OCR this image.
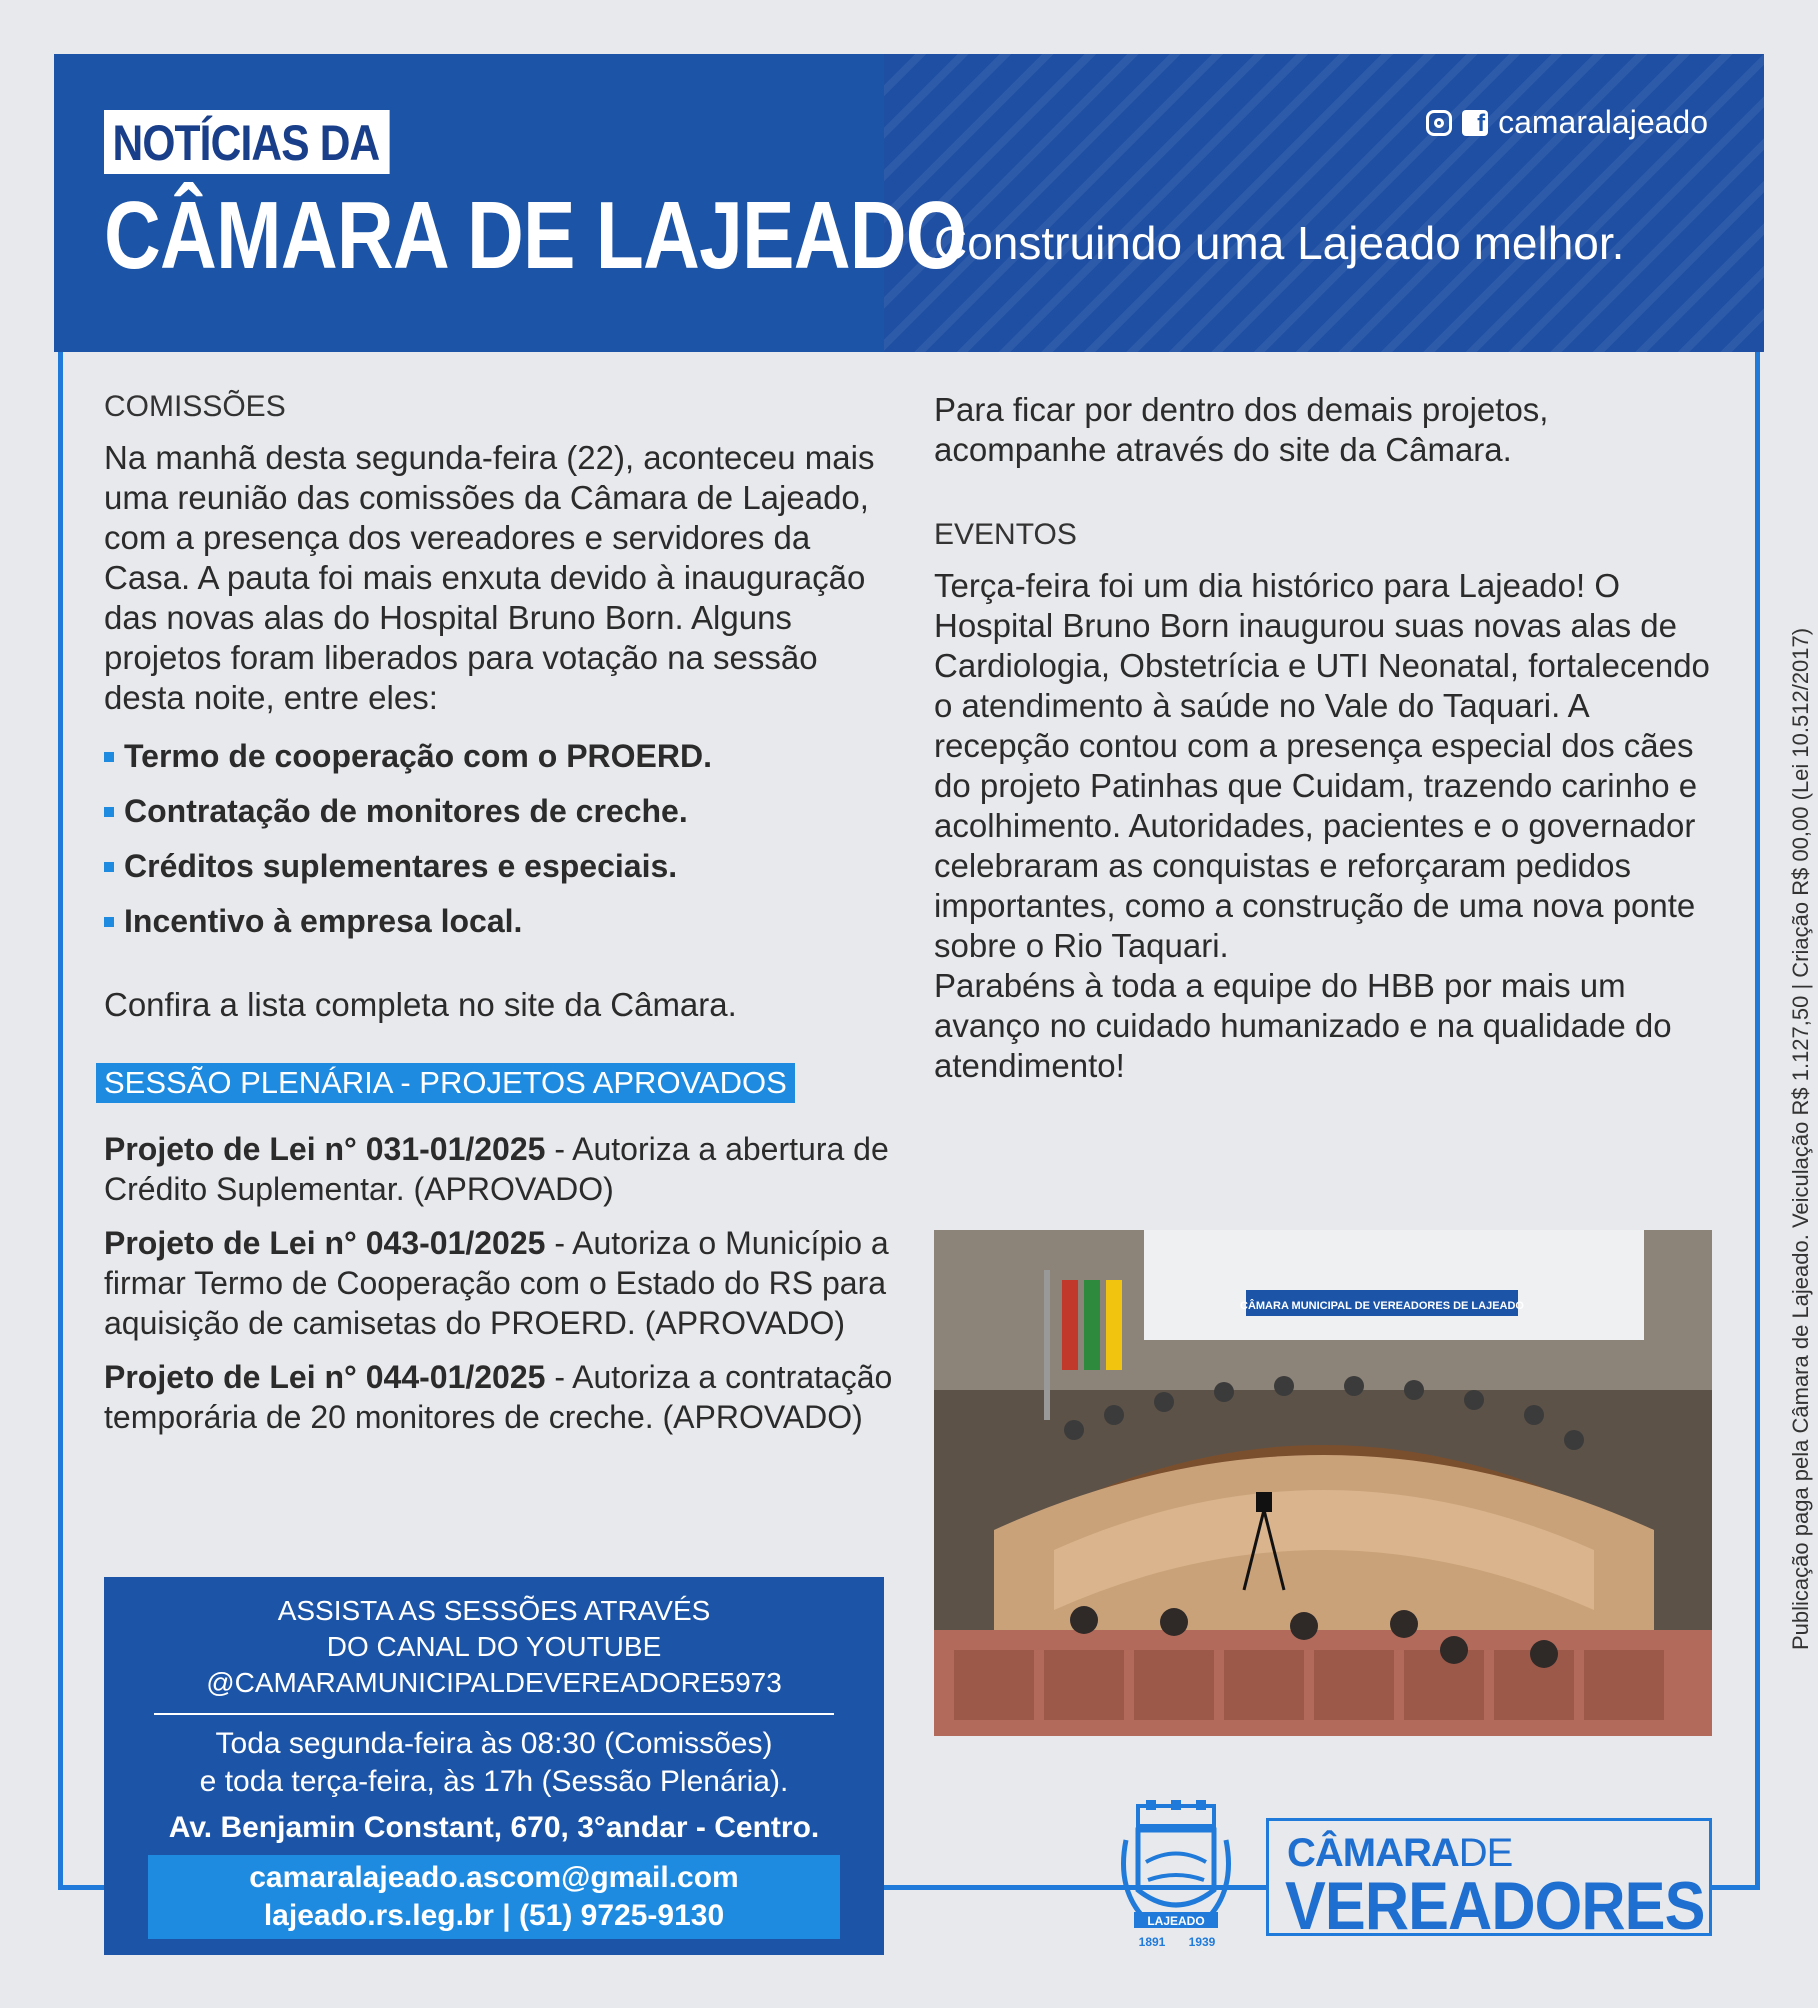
NOTÍCIAS DA
CÂMARA DE LAJEADO
f camaralajeado
Construindo uma Lajeado melhor.

COMISSÕES

Na manhã desta segunda-feira (22), aconteceu mais uma reunião das comissões da Câmara de Lajeado, com a presença dos vereadores e servidores da Casa. A pauta foi mais enxuta devido à inauguração das novas alas do Hospital Bruno Born. Alguns projetos foram liberados para votação na sessão desta noite, entre eles:

Termo de cooperação com o PROERD.
Contratação de monitores de creche.
Créditos suplementares e especiais.
Incentivo à empresa local.

Confira a lista completa no site da Câmara.

SESSÃO PLENÁRIA - PROJETOS APROVADOS

Projeto de Lei n° 031-01/2025 - Autoriza a abertura de Crédito Suplementar. (APROVADO)

Projeto de Lei n° 043-01/2025 - Autoriza o Município a firmar Termo de Cooperação com o Estado do RS para aquisição de camisetas do PROERD. (APROVADO)

Projeto de Lei n° 044-01/2025 - Autoriza a contratação temporária de 20 monitores de creche. (APROVADO)

Para ficar por dentro dos demais projetos, acompanhe através do site da Câmara.

EVENTOS

Terça-feira foi um dia histórico para Lajeado! O Hospital Bruno Born inaugurou suas novas alas de Cardiologia, Obstetrícia e UTI Neonatal, fortalecendo o atendimento à saúde no Vale do Taquari. A recepção contou com a presença especial dos cães do projeto Patinhas que Cuidam, trazendo carinho e acolhimento. Autoridades, pacientes e o governador celebraram as conquistas e reforçaram pedidos importantes, como a construção de uma nova ponte sobre o Rio Taquari.

Parabéns à toda a equipe do HBB por mais um avanço no cuidado humanizado e na qualidade do atendimento!

CÂMARA MUNICIPAL DE VEREADORES DE LAJEADO
ASSISTA AS SESSÕES ATRAVÉS
DO CANAL DO YOUTUBE
@CAMARAMUNICIPALDEVEREADORE5973
Toda segunda-feira às 08:30 (Comissões)
e toda terça-feira, às 17h (Sessão Plenária).
Av. Benjamin Constant, 670, 3°andar - Centro.
camaralajeado.ascom@gmail.com
lajeado.rs.leg.br | (51) 9725-9130
Publicação paga pela Câmara de Lajeado. Veiculação R$ 1.127,50 | Criação R$ 00,00 (Lei 10.512/2017)
LAJEADO
1891 1939
CÂMARADE
VEREADORES
